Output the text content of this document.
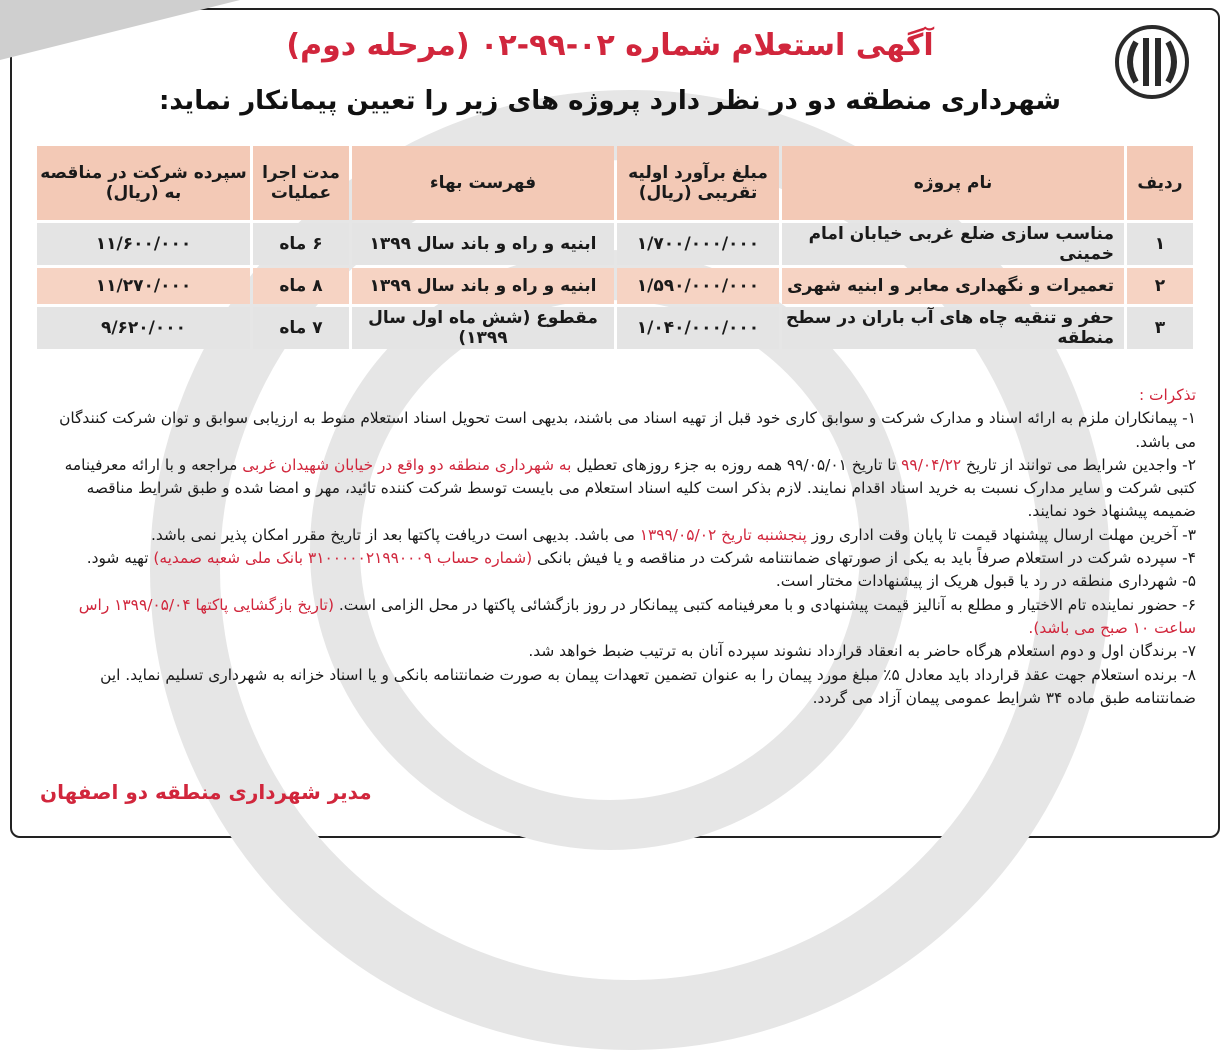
آگهی استعلام شماره ۰۲-۹۹-۰۲ (مرحله دوم)
شهرداری منطقه دو در نظر دارد پروژه های زیر را تعیین پیمانکار نماید:
ردیف	نام پروژه	مبلغ برآورد اولیه تقریبی (ریال)	فهرست بهاء	مدت اجرا عملیات	سپرده شرکت در مناقصه به (ریال)
۱	مناسب سازی ضلع غربی خیابان امام خمینی	۱/۷۰۰/۰۰۰/۰۰۰	ابنیه و راه و باند سال ۱۳۹۹	۶ ماه	۱۱/۶۰۰/۰۰۰
۲	تعمیرات و نگهداری معابر و ابنیه شهری	۱/۵۹۰/۰۰۰/۰۰۰	ابنیه و راه و باند سال ۱۳۹۹	۸ ماه	۱۱/۲۷۰/۰۰۰
۳	حفر و تنقیه چاه های آب باران در سطح منطقه	۱/۰۴۰/۰۰۰/۰۰۰	مقطوع (شش ماه اول سال ۱۳۹۹)	۷ ماه	۹/۶۲۰/۰۰۰

تذکرات :

۱- پیمانکاران ملزم به ارائه اسناد و مدارک شرکت و سوابق کاری خود قبل از تهیه اسناد می باشند، بدیهی است تحویل اسناد استعلام منوط به ارزیابی سوابق و توان شرکت کنندگان می باشد.

۲- واجدین شرایط می توانند از تاریخ ۹۹/۰۴/۲۲ تا تاریخ ۹۹/۰۵/۰۱ همه روزه به جزء روزهای تعطیل به شهرداری منطقه دو واقع در خیابان شهیدان غربی مراجعه و با ارائه معرفینامه کتبی شرکت و سایر مدارک نسبت به خرید اسناد اقدام نمایند. لازم بذکر است کلیه اسناد استعلام می بایست توسط شرکت کننده تائید، مهر و امضا شده و طبق شرایط مناقصه ضمیمه پیشنهاد خود نمایند.

۳- آخرین مهلت ارسال پیشنهاد قیمت تا پایان وقت اداری روز پنجشنبه تاریخ ۱۳۹۹/۰۵/۰۲ می باشد. بدیهی است دریافت پاکتها بعد از تاریخ مقرر امکان پذیر نمی باشد.

۴- سپرده شرکت در استعلام صرفاً باید به یکی از صورتهای ضمانتنامه شرکت در مناقصه و یا فیش بانکی (شماره حساب ۳۱۰۰۰۰۰۲۱۹۹۰۰۰۹ بانک ملی شعبه صمدیه) تهیه شود.

۵- شهرداری منطقه در رد یا قبول هریک از پیشنهادات مختار است.

۶- حضور نماینده تام الاختیار و مطلع به آنالیز قیمت پیشنهادی و با معرفینامه کتبی پیمانکار در روز بازگشائی پاکتها در محل الزامی است. (تاریخ بازگشایی پاکتها ۱۳۹۹/۰۵/۰۴ راس ساعت ۱۰ صبح می باشد).

۷- برندگان اول و دوم استعلام هرگاه حاضر به انعقاد قرارداد نشوند سپرده آنان به ترتیب ضبط خواهد شد.

۸- برنده استعلام جهت عقد قرارداد باید معادل ۵٪ مبلغ مورد پیمان را به عنوان تضمین تعهدات پیمان به صورت ضمانتنامه بانکی و یا اسناد خزانه به شهرداری تسلیم نماید. این ضمانتنامه طبق ماده ۳۴ شرایط عمومی پیمان آزاد می گردد.

مدیر شهرداری منطقه دو اصفهان
